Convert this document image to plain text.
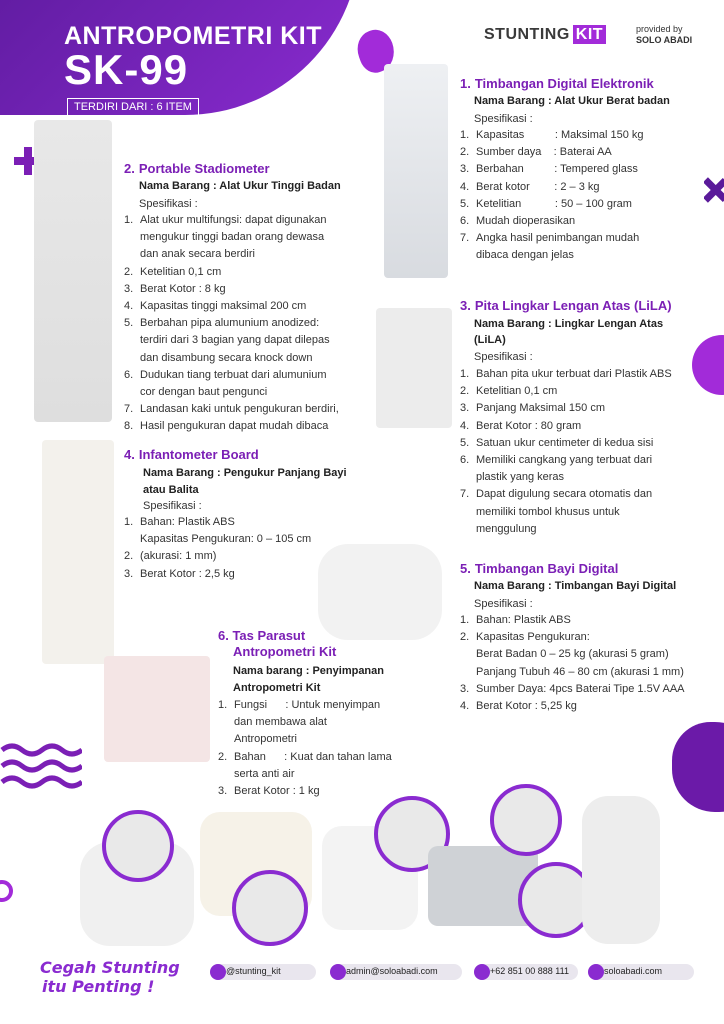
ANTROPOMETRI KIT
SK-99
TERDIRI DARI : 6 ITEM
STUNTING KIT	provided by
SOLO ABADI
1. Timbangan Digital Elektronik
Nama Barang : Alat Ukur Berat badan
Spesifikasi :
1. Kapasitas          : Maksimal 150 kg
2. Sumber daya    : Baterai AA
3. Berbahan          : Tempered glass
4. Berat kotor        : 2 – 3 kg
5. Ketelitian           : 50 – 100 gram
6. Mudah dioperasikan
7. Angka hasil penimbangan mudah
dibaca dengan jelas
2. Portable Stadiometer
Nama Barang : Alat Ukur Tinggi Badan
Spesifikasi :
1. Alat ukur multifungsi: dapat digunakan
mengukur tinggi badan orang dewasa
dan anak secara berdiri
2. Ketelitian 0,1 cm
3. Berat Kotor : 8 kg
4. Kapasitas tinggi maksimal 200 cm
5. Berbahan pipa alumunium anodized:
terdiri dari 3 bagian yang dapat dilepas
dan disambung secara knock down
6. Dudukan tiang terbuat dari alumunium
cor dengan baut pengunci
7. Landasan kaki untuk pengukuran berdiri,
8. Hasil pengukuran dapat mudah dibaca
3. Pita Lingkar Lengan Atas (LiLA)
Nama Barang : Lingkar Lengan Atas
(LiLA)
Spesifikasi :
1. Bahan pita ukur terbuat dari Plastik ABS
2. Ketelitian 0,1 cm
3. Panjang Maksimal 150 cm
4. Berat Kotor : 80 gram
5. Satuan ukur centimeter di kedua sisi
6. Memiliki cangkang yang terbuat dari
plastik yang keras
7. Dapat digulung secara otomatis dan
memiliki tombol khusus untuk
menggulung
4. Infantometer Board
Nama Barang : Pengukur Panjang Bayi
atau Balita
Spesifikasi :
1. Bahan: Plastik ABS
Kapasitas Pengukuran: 0 – 105 cm
2. (akurasi: 1 mm)
3. Berat Kotor : 2,5 kg	5. Timbangan Bayi Digital
Nama Barang : Timbangan Bayi Digital
Spesifikasi :
1. Bahan: Plastik ABS
2. Kapasitas Pengukuran:
Berat Badan 0 – 25 kg (akurasi 5 gram)
Panjang Tubuh 46 – 80 cm (akurasi 1 mm)
3. Sumber Daya: 4pcs Baterai Tipe 1.5V AAA
4. Berat Kotor : 5,25 kg
6. Tas Parasut
Antropometri Kit
Nama barang : Penyimpanan
Antropometri Kit
1. Fungsi      : Untuk menyimpan
dan membawa alat
Antropometri
2. Bahan      : Kuat dan tahan lama
serta anti air
3. Berat Kotor : 1 kg
Cegah Stunting
itu Penting !
@stunting_kit	admin@soloabadi.com	+62 851 00 888 111	soloabadi.com
